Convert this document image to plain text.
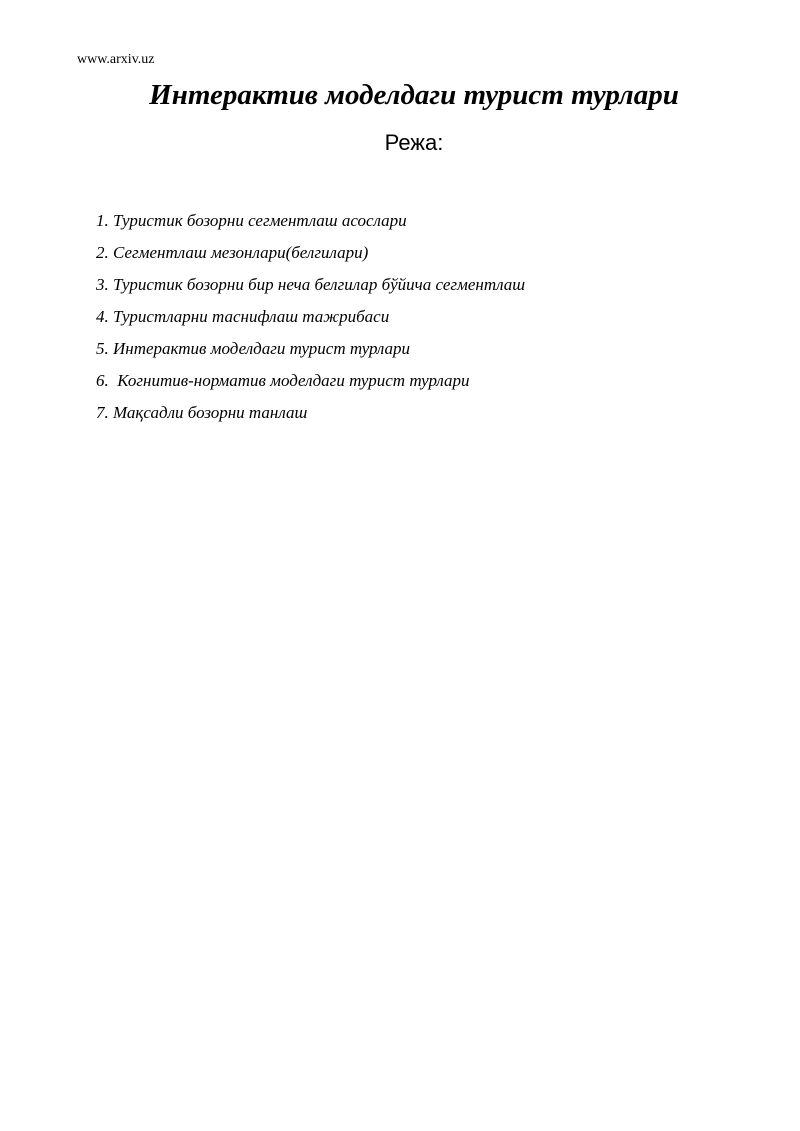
www.arxiv.uz
Интерактив моделдаги турист турлари
Режа:
1. Туристик бозорни сегментлаш асослари
2. Сегментлаш мезонлари(белгилари)
3. Туристик бозорни бир неча белгилар бўйича сегментлаш
4. Туристларни таснифлаш тажрибаси
5. Интерактив моделдаги турист турлари
6.  Когнитив-норматив моделдаги турист турлари
7. Мақсадли бозорни танлаш
